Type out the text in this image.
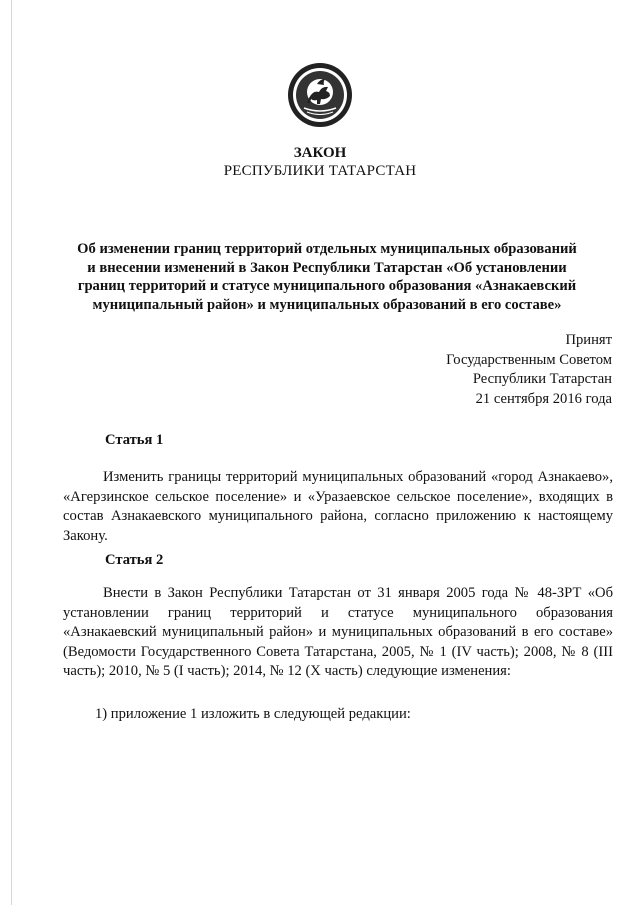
ЗАКОН
РЕСПУБЛИКИ ТАТАРСТАН
Об изменении границ территорий отдельных муниципальных образований
и внесении изменений в Закон Республики Татарстан «Об установлении
границ территорий и статусе муниципального образования «Азнакаевский
муниципальный район» и муниципальных образований в его составе»
Принят
Государственным Советом
Республики Татарстан
21 сентября 2016 года
Статья 1
Изменить границы территорий муниципальных образований «город Азнакаево», «Агерзинское сельское поселение» и «Уразаевское сельское поселение», входящих в состав Азнакаевского муниципального района, согласно приложению к настоящему Закону.
Статья 2
Внести в Закон Республики Татарстан от 31 января 2005 года № 48-ЗРТ «Об установлении границ территорий и статусе муниципального образования «Азнакаевский муниципальный район» и муниципальных образований в его составе» (Ведомости Государственного Совета Татарстана, 2005, № 1 (IV часть); 2008, № 8 (III часть); 2010, № 5 (I часть); 2014, № 12 (X часть) следующие изменения:
1) приложение 1 изложить в следующей редакции:
